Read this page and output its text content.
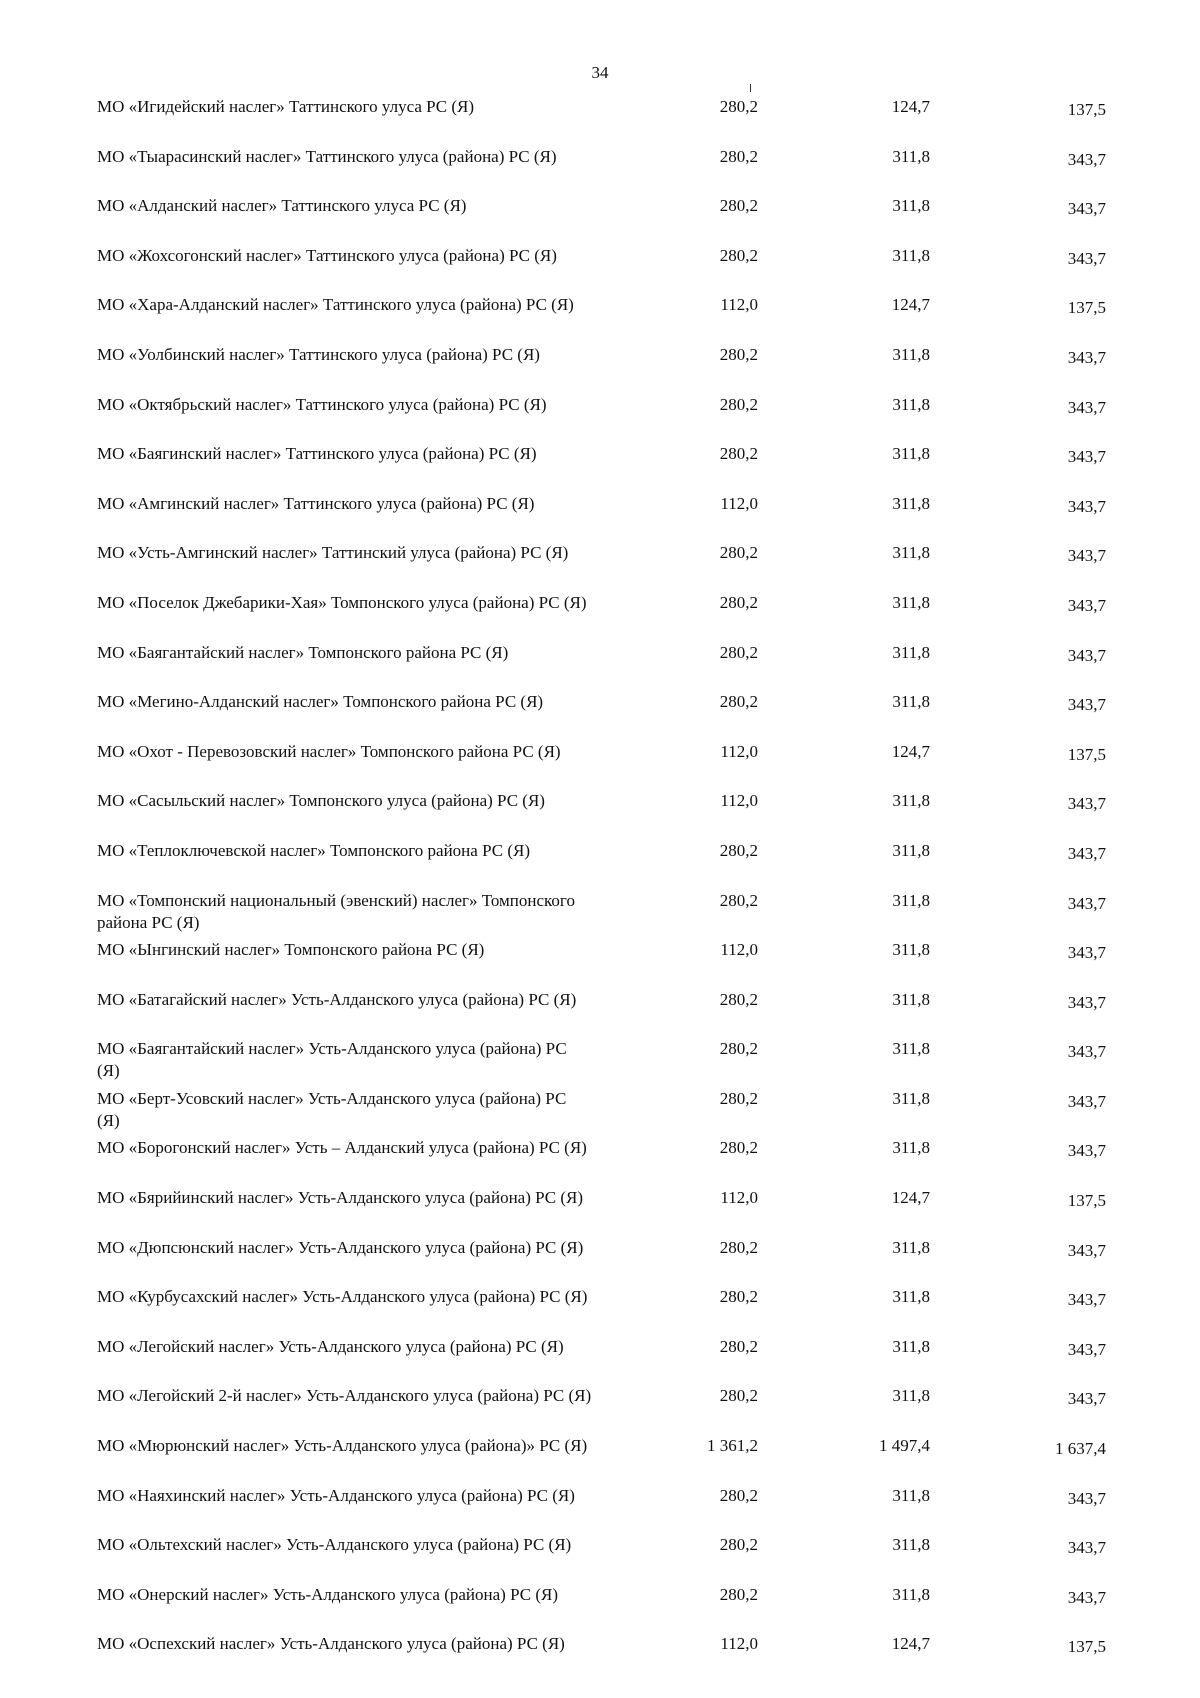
34
МО «Игидейский наслег» Таттинского улуса РС (Я)	280,2	124,7	137,5
МО «Тыарасинский наслег» Таттинского улуса (района) РС (Я)	280,2	311,8	343,7
МО «Алданский наслег» Таттинского улуса РС (Я)	280,2	311,8	343,7
МО «Жохсогонский наслег» Таттинского улуса (района) РС (Я)	280,2	311,8	343,7
МО «Хара-Алданский наслег» Таттинского улуса (района) РС (Я)	112,0	124,7	137,5
МО «Уолбинский наслег» Таттинского улуса (района) РС (Я)	280,2	311,8	343,7
МО «Октябрьский наслег» Таттинского улуса (района) РС (Я)	280,2	311,8	343,7
МО «Баягинский наслег» Таттинского улуса (района) РС (Я)	280,2	311,8	343,7
МО «Амгинский наслег» Таттинского улуса (района) РС (Я)	112,0	311,8	343,7
МО «Усть-Амгинский наслег» Таттинский улуса (района) РС (Я)	280,2	311,8	343,7
МО «Поселок Джебарики-Хая» Томпонского улуса (района) РС (Я)	280,2	311,8	343,7
МО «Баягантайский наслег» Томпонского района РС (Я)	280,2	311,8	343,7
МО «Мегино-Алданский наслег» Томпонского района РС (Я)	280,2	311,8	343,7
МО «Охот - Перевозовский наслег» Томпонского района РС (Я)	112,0	124,7	137,5
МО «Сасыльский наслег» Томпонского улуса (района) РС (Я)	112,0	311,8	343,7
МО «Теплоключевской наслег» Томпонского района РС (Я)	280,2	311,8	343,7
МО «Томпонский национальный (эвенский) наслег» Томпонского района РС (Я)
280,2	311,8	343,7
МО «Ынгинский наслег» Томпонского района РС (Я)	112,0	311,8	343,7
МО «Батагайский наслег» Усть-Алданского улуса (района) РС (Я)	280,2	311,8	343,7
МО «Баягантайский наслег» Усть-Алданского улуса (района) РС (Я)
280,2	311,8	343,7
МО «Берт-Усовский наслег» Усть-Алданского улуса (района) РС (Я)
280,2	311,8	343,7
МО «Борогонский наслег» Усть – Алданский улуса (района) РС (Я)	280,2	311,8	343,7
МО «Бярийинский наслег» Усть-Алданского улуса (района) РС (Я)	112,0	124,7	137,5
МО «Дюпсюнский наслег» Усть-Алданского улуса (района) РС (Я)	280,2	311,8	343,7
МО «Курбусахский наслег» Усть-Алданского улуса (района) РС (Я)	280,2	311,8	343,7
МО «Легойский наслег» Усть-Алданского улуса (района) РС (Я)	280,2	311,8	343,7
МО «Легойский 2-й наслег» Усть-Алданского улуса (района) РС (Я)	280,2	311,8	343,7
МО «Мюрюнский наслег» Усть-Алданского улуса (района)» РС (Я)	1 361,2	1 497,4	1 637,4
МО «Наяхинский наслег» Усть-Алданского улуса (района) РС (Я)	280,2	311,8	343,7
МО «Ольтехский наслег» Усть-Алданского улуса (района) РС (Я)	280,2	311,8	343,7
МО «Онерский наслег» Усть-Алданского улуса (района) РС (Я)	280,2	311,8	343,7
МО «Оспехский наслег» Усть-Алданского улуса (района) РС (Я)	112,0	124,7	137,5
